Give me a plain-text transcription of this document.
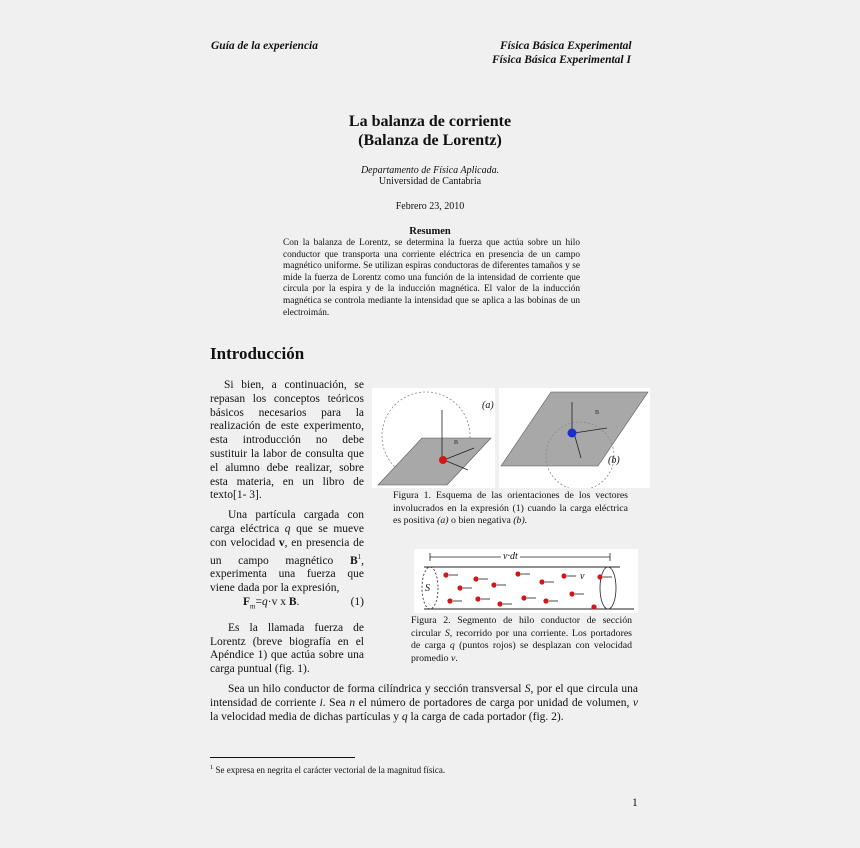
Guía de la experiencia	Física Básica Experimental
Física Básica Experimental I
La balanza de corriente
(Balanza de Lorentz)
Departamento de Física Aplicada.
Universidad de Cantabria
Febrero 23, 2010
Resumen
Con la balanza de Lorentz, se determina la fuerza que actúa sobre un hilo conductor que transporta una corriente eléctrica en presencia de un campo magnético uniforme. Se utilizan espiras conductoras de diferentes tamaños y se mide la fuerza de Lorentz como una función de la intensidad de corriente que circula por la espira y de la inducción magnética. El valor de la inducción magnética se controla mediante la intensidad que se aplica a las bobinas de un electroimán.
Introducción

Si bien, a continuación, se repasan los conceptos teóricos básicos necesarios para la realización de este experimento, esta introducción no debe sustituir la labor de consulta que el alumno debe realizar, sobre esta materia, en un libro de texto[1- 3].

Una partícula cargada con carga eléctrica q que se mueve con velocidad v, en presencia de un campo magnético $B^1$, experimenta una fuerza que viene dada por la expresión,

$F_m=q\cdot v$ x B.	(1)

Es la llamada fuerza de Lorentz (breve biografía en el Apéndice 1) que actúa sobre una carga puntual (fig. 1).

B
(a)
B
(b)
Figura 1. Esquema de las orientaciones de los vectores involucrados en la expresión (1) cuando la carga eléctrica es positiva (a) o bien negativa (b).
v·dt
S
v
Figura 2. Segmento de hilo conductor de sección circular S, recorrido por una corriente. Los portadores de carga q (puntos rojos) se desplazan con velocidad promedio v.
Sea un hilo conductor de forma cilíndrica y sección transversal S, por el que circula una intensidad de corriente i. Sea n el número de portadores de carga por unidad de volumen, v la velocidad media de dichas partículas y q la carga de cada portador (fig. 2).
$^1$ Se expresa en negrita el carácter vectorial de la magnitud física.
1
